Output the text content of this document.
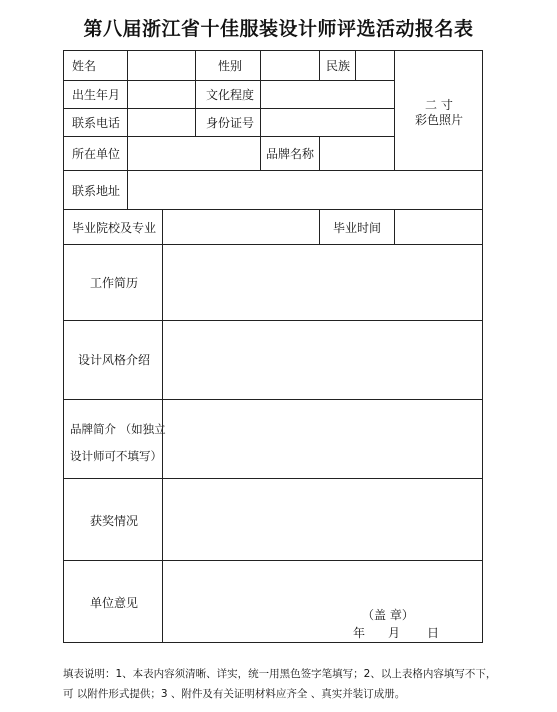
第八届浙江省十佳服装设计师评选活动报名表
姓名	性别	民族
二 寸
彩色照片
出生年月	文化程度
联系电话	身份证号
所在单位	品牌名称
联系地址
毕业院校及专业	毕业时间
工作简历
设计风格介绍
品牌简介 （如独立
设计师可不填写）
获奖情况
单位意见
（盖 章）
年 月 日
填表说明：1、本表内容须清晰、详实，统一用黑色签字笔填写；2、以上表格内容填写不下，
可 以附件形式提供；3 、附件及有关证明材料应齐全 、真实并装订成册。
